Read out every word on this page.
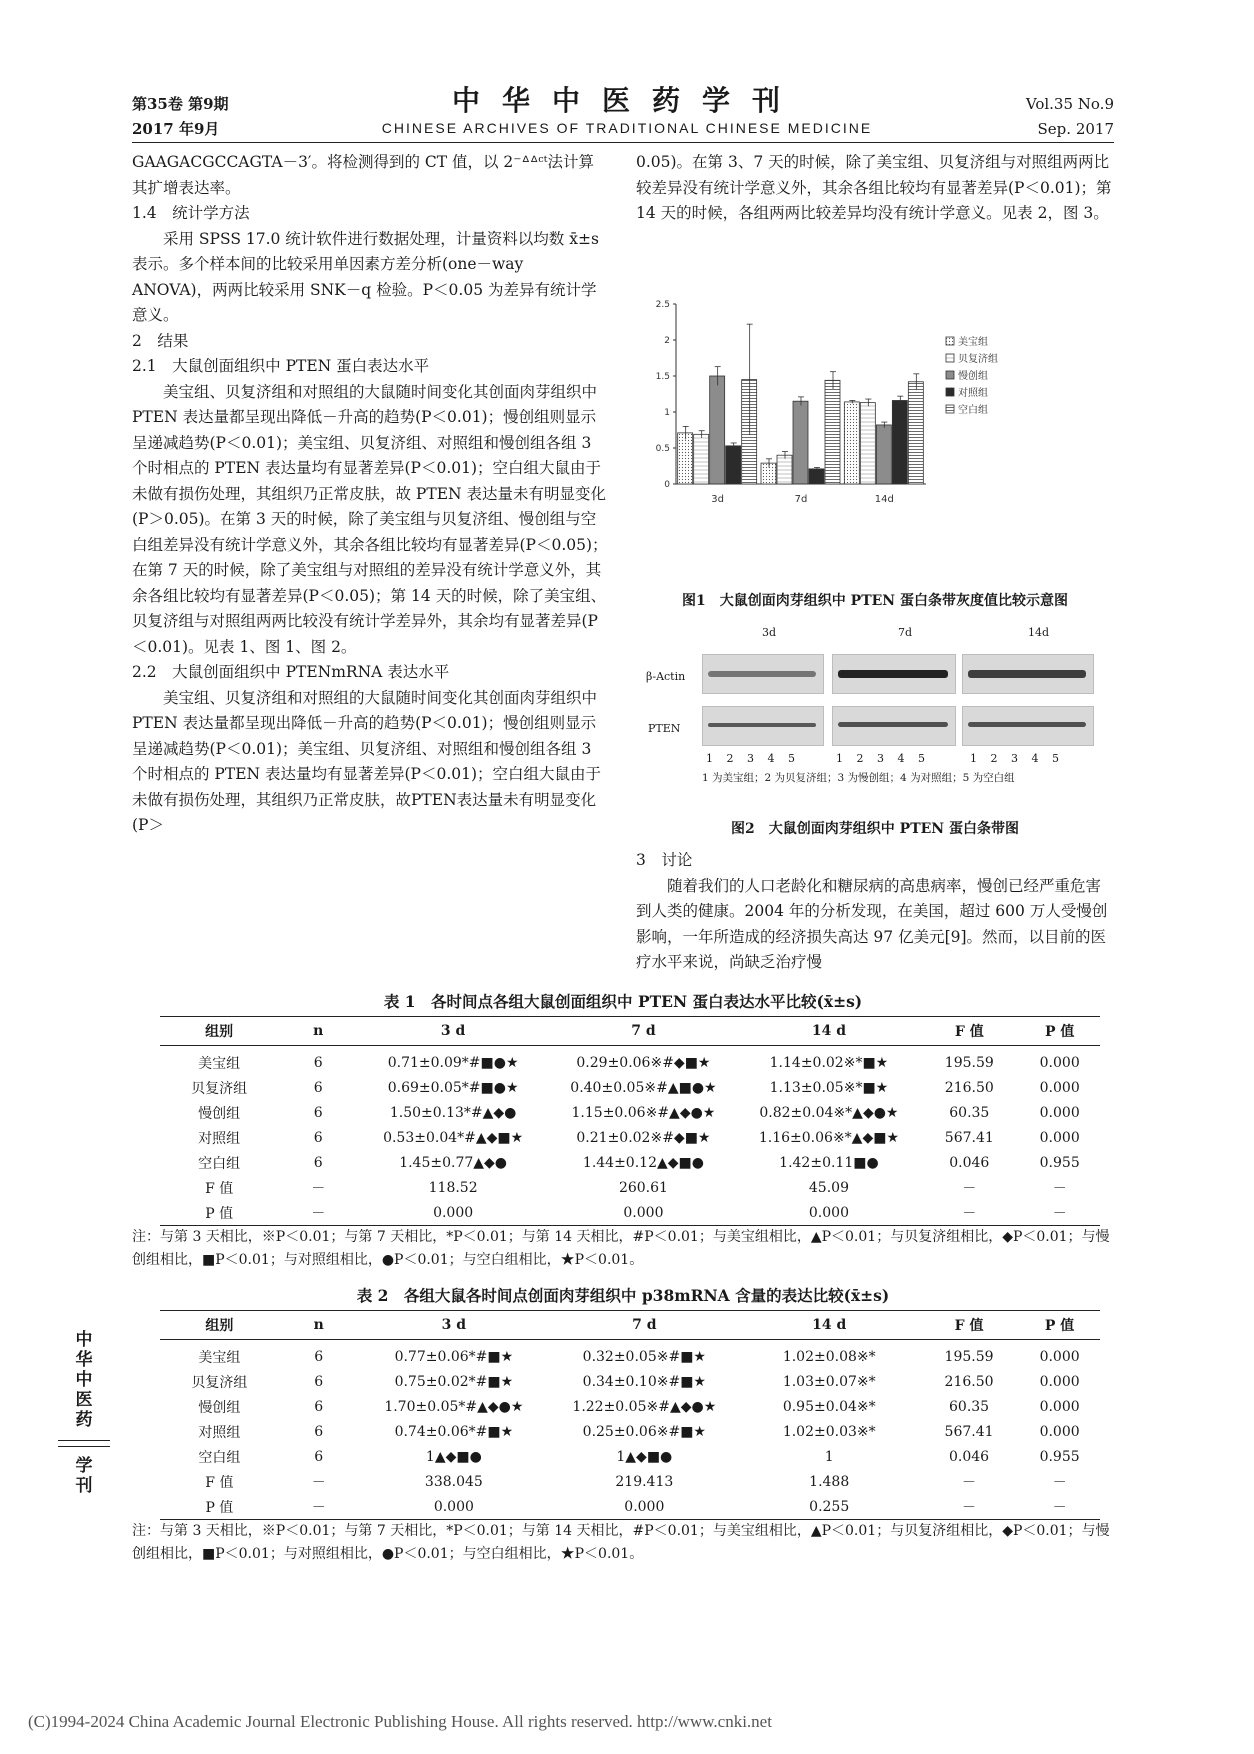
第35卷 第9期
2017 年9月
中华中医药学刊
CHINESE ARCHIVES OF TRADITIONAL CHINESE MEDICINE
Vol.35 No.9
Sep. 2017

GAAGACGCCAGTA－3′。将检测得到的 CT 值，以 2⁻ᐞᐞᶜᵗ法计算其扩增表达率。

1.4　统计学方法

采用 SPSS 17.0 统计软件进行数据处理，计量资料以均数 x̄±s 表示。多个样本间的比较采用单因素方差分析(one－way ANOVA)，两两比较采用 SNK－q 检验。P＜0.05 为差异有统计学意义。

2　结果

2.1　大鼠创面组织中 PTEN 蛋白表达水平

美宝组、贝复济组和对照组的大鼠随时间变化其创面肉芽组织中 PTEN 表达量都呈现出降低－升高的趋势(P＜0.01)；慢创组则显示呈递减趋势(P＜0.01)；美宝组、贝复济组、对照组和慢创组各组 3 个时相点的 PTEN 表达量均有显著差异(P＜0.01)；空白组大鼠由于未做有损伤处理，其组织乃正常皮肤，故 PTEN 表达量未有明显变化(P＞0.05)。在第 3 天的时候，除了美宝组与贝复济组、慢创组与空白组差异没有统计学意义外，其余各组比较均有显著差异(P＜0.05)；在第 7 天的时候，除了美宝组与对照组的差异没有统计学意义外，其余各组比较均有显著差异(P＜0.05)；第 14 天的时候，除了美宝组、贝复济组与对照组两两比较没有统计学差异外，其余均有显著差异(P＜0.01)。见表 1、图 1、图 2。

2.2　大鼠创面组织中 PTENmRNA 表达水平

美宝组、贝复济组和对照组的大鼠随时间变化其创面肉芽组织中 PTEN 表达量都呈现出降低－升高的趋势(P＜0.01)；慢创组则显示呈递减趋势(P＜0.01)；美宝组、贝复济组、对照组和慢创组各组 3 个时相点的 PTEN 表达量均有显著差异(P＜0.01)；空白组大鼠由于未做有损伤处理，其组织乃正常皮肤，故PTEN表达量未有明显变化(P＞

0.05)。在第 3、7 天的时候，除了美宝组、贝复济组与对照组两两比较差异没有统计学意义外，其余各组比较均有显著差异(P＜0.01)；第 14 天的时候，各组两两比较差异均没有统计学意义。见表 2，图 3。

0
0.5
1
1.5
2
2.5
3d	7d	14d
美宝组
贝复济组
慢创组
对照组
空白组
图1　大鼠创面肉芽组织中 PTEN 蛋白条带灰度值比较示意图
3d	7d	14d
β-Actin
PTEN
1 2 3 4 5	1 2 3 4 5	1 2 3 4 5
1 为美宝组；2 为贝复济组；3 为慢创组；4 为对照组；5 为空白组
图2　大鼠创面肉芽组织中 PTEN 蛋白条带图

3　讨论

随着我们的人口老龄化和糖尿病的高患病率，慢创已经严重危害到人类的健康。2004 年的分析发现，在美国，超过 600 万人受慢创影响，一年所造成的经济损失高达 97 亿美元[9]。然而，以目前的医疗水平来说，尚缺乏治疗慢

表 1　各时间点各组大鼠创面组织中 PTEN 蛋白表达水平比较(x̄±s)
组别	n	3 d	7 d	14 d	F 值	P 值
美宝组	6	0.71±0.09*#■●★	0.29±0.06※#◆■★	1.14±0.02※*■★	195.59	0.000
贝复济组	6	0.69±0.05*#■●★	0.40±0.05※#▲■●★	1.13±0.05※*■★	216.50	0.000
慢创组	6	1.50±0.13*#▲◆●	1.15±0.06※#▲◆●★	0.82±0.04※*▲◆●★	60.35	0.000
对照组	6	0.53±0.04*#▲◆■★	0.21±0.02※#◆■★	1.16±0.06※*▲◆■★	567.41	0.000
空白组	6	1.45±0.77▲◆●	1.44±0.12▲◆■●	1.42±0.11■●	0.046	0.955
F 值	－	118.52	260.61	45.09	－	－
P 值	－	0.000	0.000	0.000	－	－
注：与第 3 天相比，※P＜0.01；与第 7 天相比，*P＜0.01；与第 14 天相比，#P＜0.01；与美宝组相比，▲P＜0.01；与贝复济组相比，◆P＜0.01；与慢创组相比，■P＜0.01；与对照组相比，●P＜0.01；与空白组相比，★P＜0.01。
表 2　各组大鼠各时间点创面肉芽组织中 p38mRNA 含量的表达比较(x̄±s)
组别	n	3 d	7 d	14 d	F 值	P 值
美宝组	6	0.77±0.06*#■★	0.32±0.05※#■★	1.02±0.08※*	195.59	0.000
贝复济组	6	0.75±0.02*#■★	0.34±0.10※#■★	1.03±0.07※*	216.50	0.000
慢创组	6	1.70±0.05*#▲◆●★	1.22±0.05※#▲◆●★	0.95±0.04※*	60.35	0.000
对照组	6	0.74±0.06*#■★	0.25±0.06※#■★	1.02±0.03※*	567.41	0.000
空白组	6	1▲◆■●	1▲◆■●	1	0.046	0.955
F 值	－	338.045	219.413	1.488	－	－
P 值	－	0.000	0.000	0.255	－	－
注：与第 3 天相比，※P＜0.01；与第 7 天相比，*P＜0.01；与第 14 天相比，#P＜0.01；与美宝组相比，▲P＜0.01；与贝复济组相比，◆P＜0.01；与慢创组相比，■P＜0.01；与对照组相比，●P＜0.01；与空白组相比，★P＜0.01。
中华中医药
学刊
(C)1994-2024 China Academic Journal Electronic Publishing House. All rights reserved. http://www.cnki.net
